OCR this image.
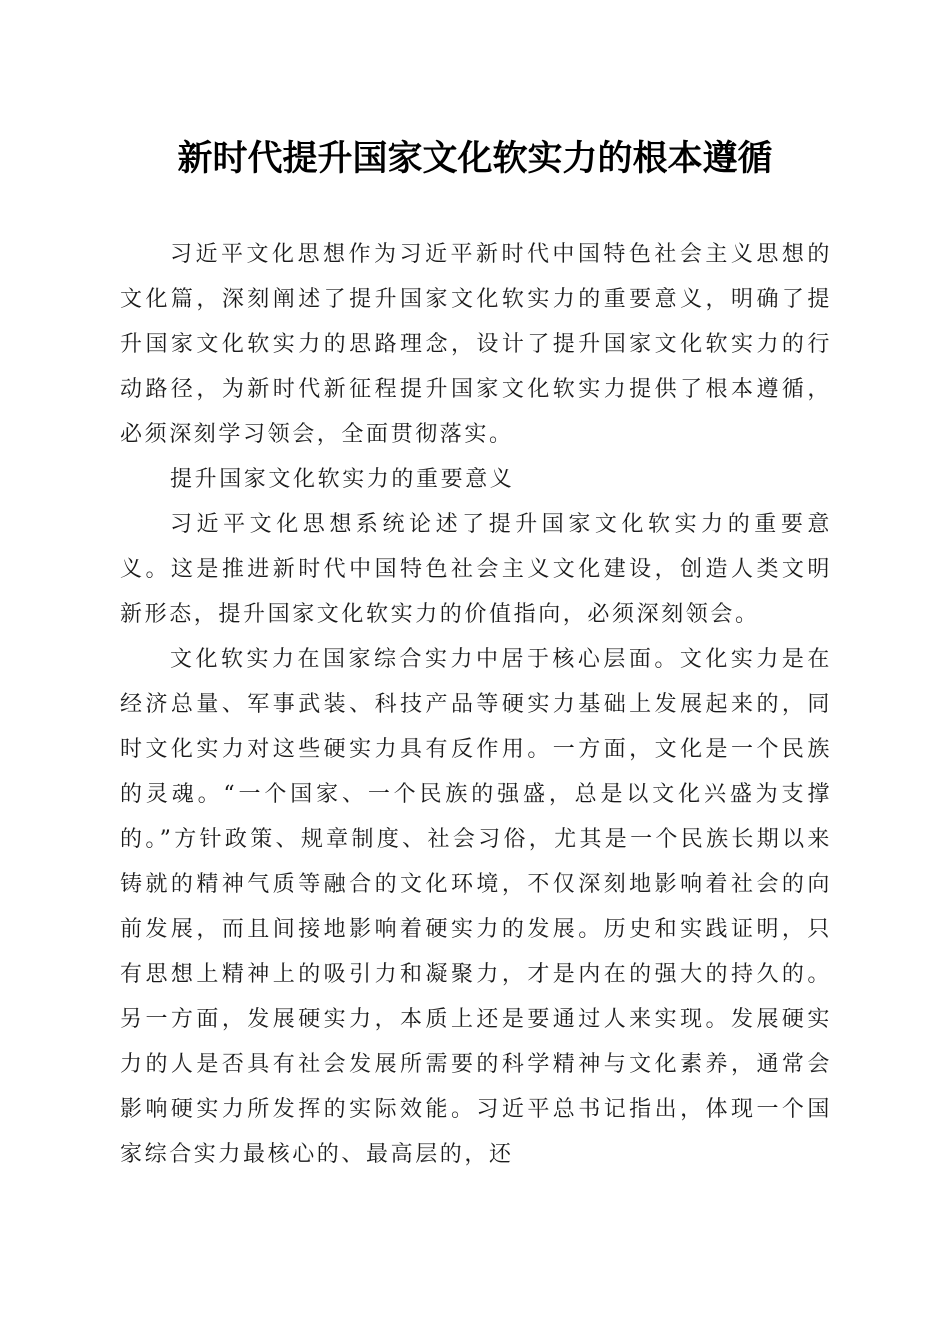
新时代提升国家文化软实力的根本遵循

习近平文化思想作为习近平新时代中国特色社会主义思想的文化篇，深刻阐述了提升国家文化软实力的重要意义，明确了提升国家文化软实力的思路理念，设计了提升国家文化软实力的行动路径，为新时代新征程提升国家文化软实力提供了根本遵循，必须深刻学习领会，全面贯彻落实。

提升国家文化软实力的重要意义

习近平文化思想系统论述了提升国家文化软实力的重要意义。这是推进新时代中国特色社会主义文化建设，创造人类文明新形态，提升国家文化软实力的价值指向，必须深刻领会。

文化软实力在国家综合实力中居于核心层面。文化实力是在经济总量、军事武装、科技产品等硬实力基础上发展起来的，同时文化实力对这些硬实力具有反作用。一方面，文化是一个民族的灵魂。“一个国家、一个民族的强盛，总是以文化兴盛为支撑的。”方针政策、规章制度、社会习俗，尤其是一个民族长期以来铸就的精神气质等融合的文化环境，不仅深刻地影响着社会的向前发展，而且间接地影响着硬实力的发展。历史和实践证明，只有思想上精神上的吸引力和凝聚力，才是内在的强大的持久的。另一方面，发展硬实力，本质上还是要通过人来实现。发展硬实力的人是否具有社会发展所需要的科学精神与文化素养，通常会影响硬实力所发挥的实际效能。习近平总书记指出，体现一个国家综合实力最核心的、最高层的，还
